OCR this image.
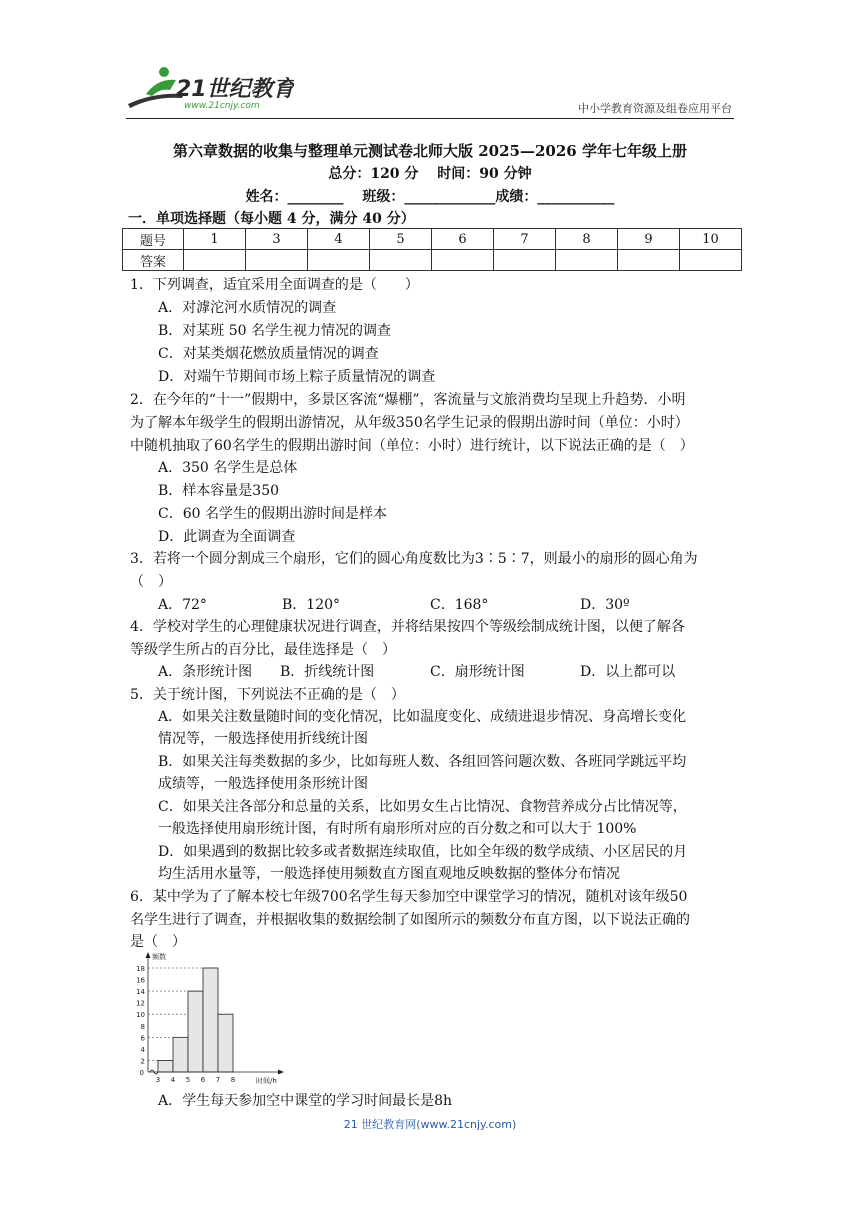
21世纪教育
www.21cnjy.com	中小学教育资源及组卷应用平台
第六章数据的收集与整理单元测试卷北师大版 2025—2026 学年七年级上册
总分：120 分　 时间：90 分钟
姓名：________　 班级：_____________成绩：___________
一．单项选择题（每小题 4 分，满分 40 分）
题号	1	3	4	5	6	7	8	9	10
答案									
1．下列调查，适宜采用全面调查的是（　　）
A．对滹沱河水质情况的调查
B．对某班 50 名学生视力情况的调查
C．对某类烟花燃放质量情况的调查
D．对端午节期间市场上粽子质量情况的调查
2．在今年的“十一”假期中，多景区客流“爆棚”，客流量与文旅消费均呈现上升趋势．小明
为了解本年级学生的假期出游情况，从年级350名学生记录的假期出游时间（单位：小时）
中随机抽取了60名学生的假期出游时间（单位：小时）进行统计，以下说法正确的是（　）
A．350 名学生是总体
B．样本容量是350
C．60 名学生的假期出游时间是样本
D．此调查为全面调查
3．若将一个圆分割成三个扇形，它们的圆心角度数比为3∶5∶7，则最小的扇形的圆心角为
（　）
A．72°	B．120°	C．168°	D．30º
4．学校对学生的心理健康状况进行调查，并将结果按四个等级绘制成统计图，以便了解各
等级学生所占的百分比，最佳选择是（　）
A．条形统计图 B．折线统计图	C．扇形统计图	D．以上都可以
5．关于统计图，下列说法不正确的是（　）
A．如果关注数量随时间的变化情况，比如温度变化、成绩进退步情况、身高增长变化
情况等，一般选择使用折线统计图
B．如果关注每类数据的多少，比如每班人数、各组回答问题次数、各班同学跳远平均
成绩等，一般选择使用条形统计图
C．如果关注各部分和总量的关系，比如男女生占比情况、食物营养成分占比情况等，
一般选择使用扇形统计图，有时所有扇形所对应的百分数之和可以大于 100%
D．如果遇到的数据比较多或者数据连续取值，比如全年级的数学成绩、小区居民的月
均生活用水量等，一般选择使用频数直方图直观地反映数据的整体分布情况
6．某中学为了了解本校七年级700名学生每天参加空中课堂学习的情况，随机对该年级50
名学生进行了调查，并根据收集的数据绘制了如图所示的频数分布直方图，以下说法正确的
是（　）
2
4
6
8
10
12
14
16
18
0
3 4 5 6 7 8
频数
时间/h
A．学生每天参加空中课堂的学习时间最长是8h
21 世纪教育网(www.21cnjy.com)
